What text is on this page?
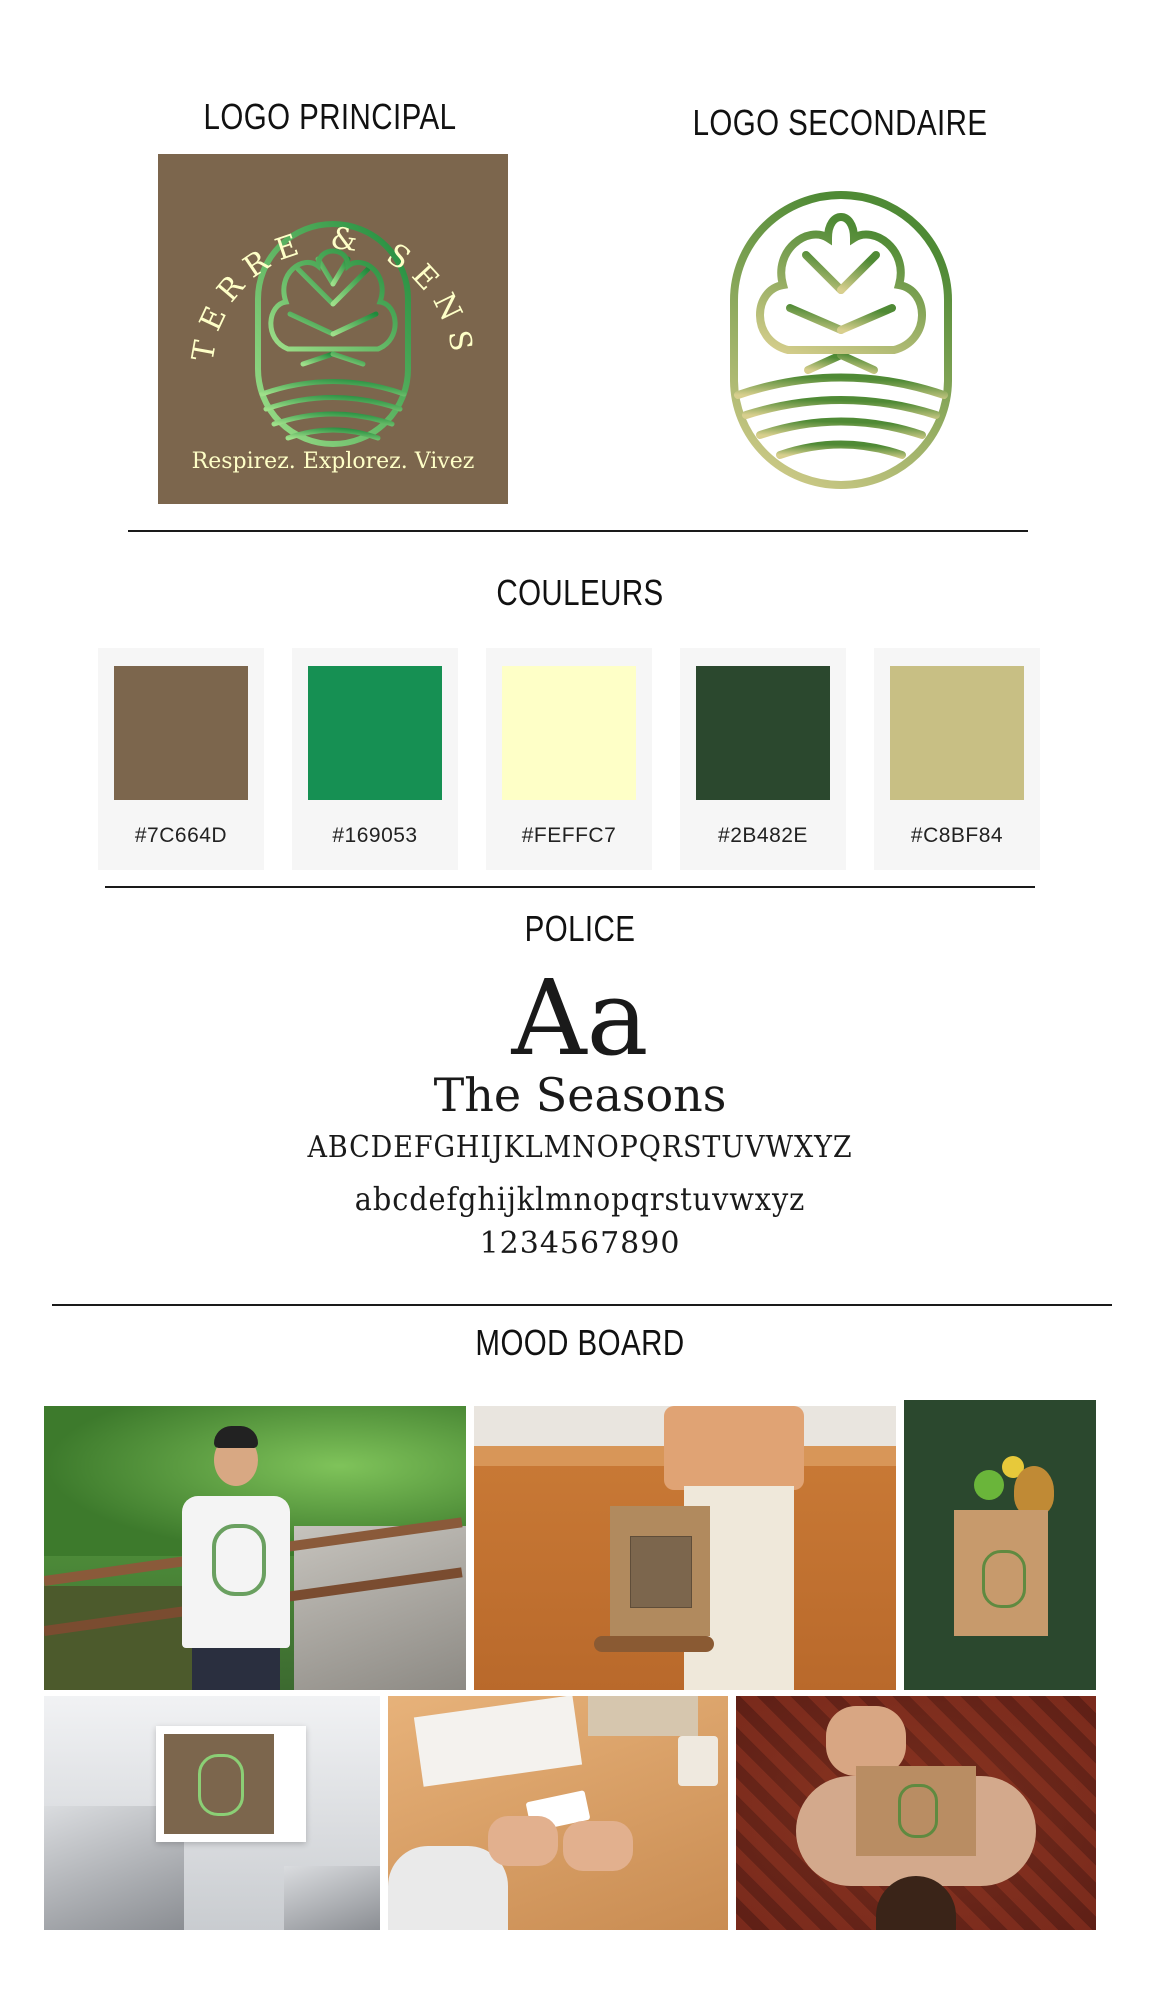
LOGO PRINCIPAL	LOGO SECONDAIRE
TERRE & SENS
Respirez. Explorez. Vivez
COULEURS
#7C664D	#169053	#FEFFC7	#2B482E	#C8BF84
POLICE
Aa
The Seasons
ABCDEFGHIJKLMNOPQRSTUVWXYZ
abcdefghijklmnopqrstuvwxyz
1234567890
MOOD BOARD
